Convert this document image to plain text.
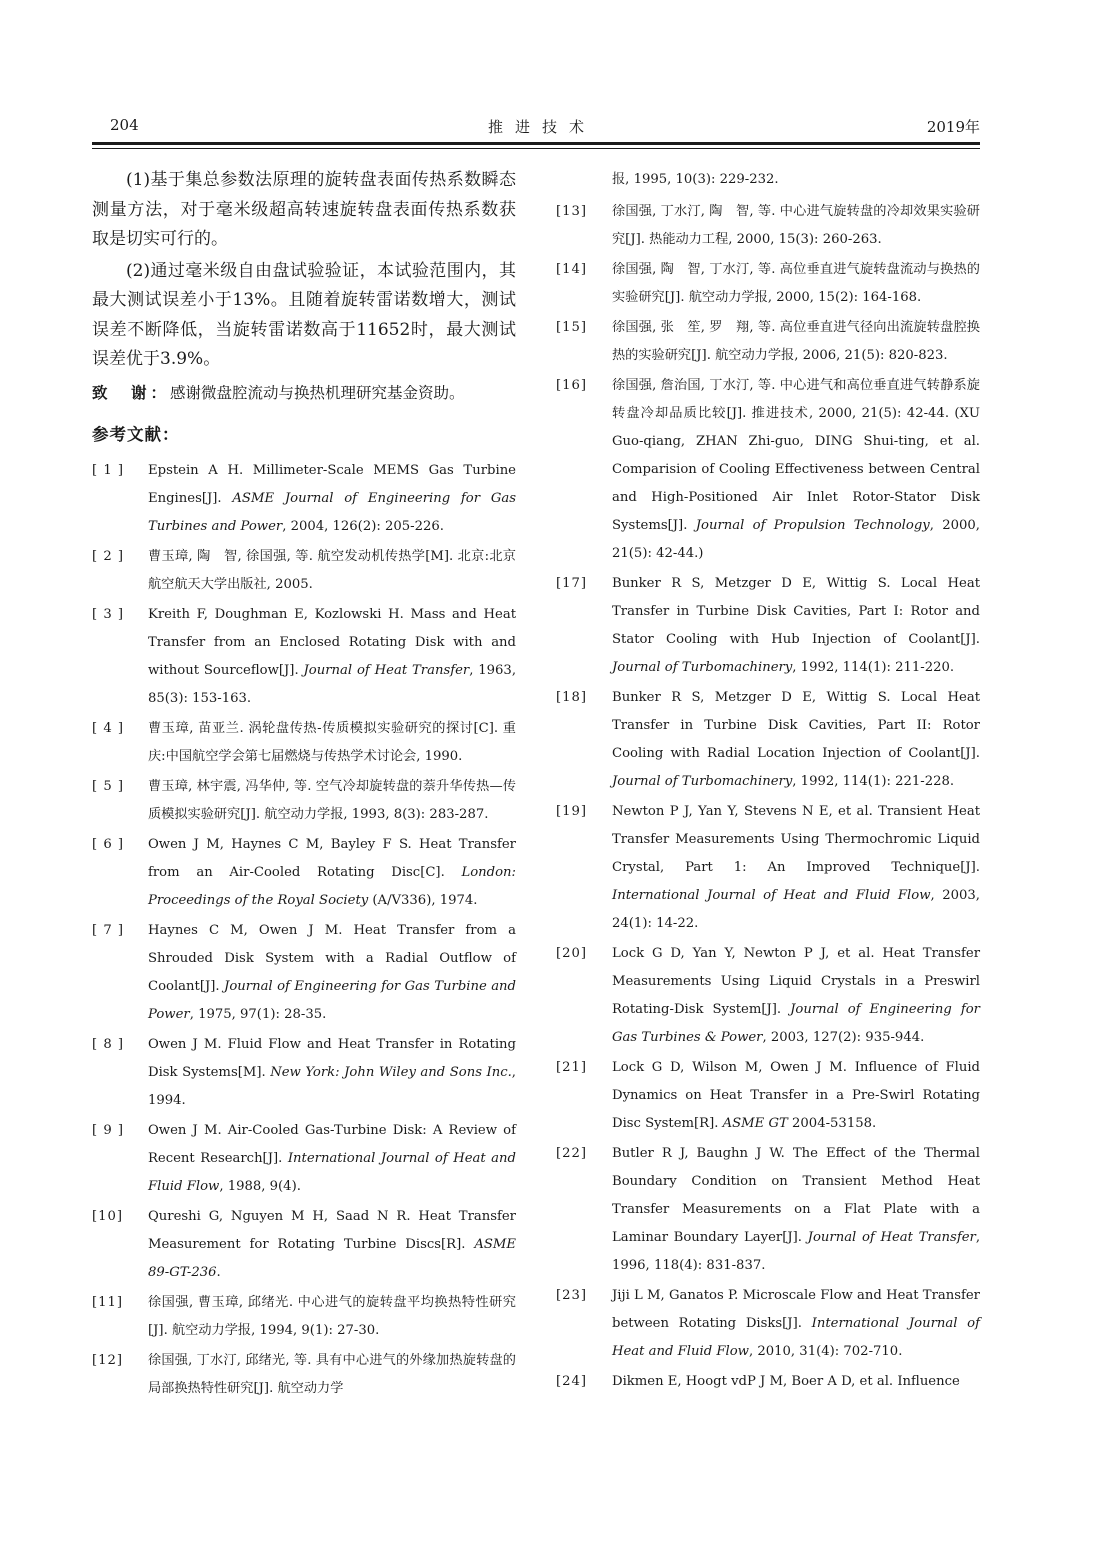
204	推进技术	2019年

(1)基于集总参数法原理的旋转盘表面传热系数瞬态测量方法，对于毫米级超高转速旋转盘表面传热系数获取是切实可行的。

(2)通过毫米级自由盘试验验证，本试验范围内，其最大测试误差小于13%。且随着旋转雷诺数增大，测试误差不断降低，当旋转雷诺数高于11652时，最大测试误差优于3.9%。

致　谢：感谢微盘腔流动与换热机理研究基金资助。

参考文献：
[ 1 ]	Epstein A H. Millimeter-Scale MEMS Gas Turbine Engines[J]. ASME Journal of Engineering for Gas Turbines and Power, 2004, 126(2): 205-226.
[ 2 ]	曹玉璋, 陶　智, 徐国强, 等. 航空发动机传热学[M]. 北京:北京航空航天大学出版社, 2005.
[ 3 ]	Kreith F, Doughman E, Kozlowski H. Mass and Heat Transfer from an Enclosed Rotating Disk with and without Sourceflow[J]. Journal of Heat Transfer, 1963, 85(3): 153-163.
[ 4 ]	曹玉璋, 苗亚兰. 涡轮盘传热-传质模拟实验研究的探讨[C]. 重庆:中国航空学会第七届燃烧与传热学术讨论会, 1990.
[ 5 ]	曹玉璋, 林宇震, 冯华仲, 等. 空气冷却旋转盘的萘升华传热—传质模拟实验研究[J]. 航空动力学报, 1993, 8(3): 283-287.
[ 6 ]	Owen J M, Haynes C M, Bayley F S. Heat Transfer from an Air-Cooled Rotating Disc[C]. London: Proceedings of the Royal Society (A/V336), 1974.
[ 7 ]	Haynes C M, Owen J M. Heat Transfer from a Shrouded Disk System with a Radial Outflow of Coolant[J]. Journal of Engineering for Gas Turbine and Power, 1975, 97(1): 28-35.
[ 8 ]	Owen J M. Fluid Flow and Heat Transfer in Rotating Disk Systems[M]. New York: John Wiley and Sons Inc., 1994.
[ 9 ]	Owen J M. Air-Cooled Gas-Turbine Disk: A Review of Recent Research[J]. International Journal of Heat and Fluid Flow, 1988, 9(4).
[10]	Qureshi G, Nguyen M H, Saad N R. Heat Transfer Measurement for Rotating Turbine Discs[R]. ASME 89-GT-236.
[11]	徐国强, 曹玉璋, 邱绪光. 中心进气的旋转盘平均换热特性研究[J]. 航空动力学报, 1994, 9(1): 27-30.
[12]	徐国强, 丁水汀, 邱绪光, 等. 具有中心进气的外缘加热旋转盘的局部换热特性研究[J]. 航空动力学
报, 1995, 10(3): 229-232.
[13]	徐国强, 丁水汀, 陶　智, 等. 中心进气旋转盘的冷却效果实验研究[J]. 热能动力工程, 2000, 15(3): 260-263.
[14]	徐国强, 陶　智, 丁水汀, 等. 高位垂直进气旋转盘流动与换热的实验研究[J]. 航空动力学报, 2000, 15(2): 164-168.
[15]	徐国强, 张　笙, 罗　翔, 等. 高位垂直进气径向出流旋转盘腔换热的实验研究[J]. 航空动力学报, 2006, 21(5): 820-823.
[16]	徐国强, 詹治国, 丁水汀, 等. 中心进气和高位垂直进气转静系旋转盘冷却品质比较[J]. 推进技术, 2000, 21(5): 42-44. (XU Guo-qiang, ZHAN Zhi-guo, DING Shui-ting, et al. Comparision of Cooling Effectiveness between Central and High-Positioned Air Inlet Rotor-Stator Disk Systems[J]. Journal of Propulsion Technology, 2000, 21(5): 42-44.)
[17]	Bunker R S, Metzger D E, Wittig S. Local Heat Transfer in Turbine Disk Cavities, Part I: Rotor and Stator Cooling with Hub Injection of Coolant[J]. Journal of Turbomachinery, 1992, 114(1): 211-220.
[18]	Bunker R S, Metzger D E, Wittig S. Local Heat Transfer in Turbine Disk Cavities, Part II: Rotor Cooling with Radial Location Injection of Coolant[J]. Journal of Turbomachinery, 1992, 114(1): 221-228.
[19]	Newton P J, Yan Y, Stevens N E, et al. Transient Heat Transfer Measurements Using Thermochromic Liquid Crystal, Part 1: An Improved Technique[J]. International Journal of Heat and Fluid Flow, 2003, 24(1): 14-22.
[20]	Lock G D, Yan Y, Newton P J, et al. Heat Transfer Measurements Using Liquid Crystals in a Preswirl Rotating-Disk System[J]. Journal of Engineering for Gas Turbines & Power, 2003, 127(2): 935-944.
[21]	Lock G D, Wilson M, Owen J M. Influence of Fluid Dynamics on Heat Transfer in a Pre-Swirl Rotating Disc System[R]. ASME GT 2004-53158.
[22]	Butler R J, Baughn J W. The Effect of the Thermal Boundary Condition on Transient Method Heat Transfer Measurements on a Flat Plate with a Laminar Boundary Layer[J]. Journal of Heat Transfer, 1996, 118(4): 831-837.
[23]	Jiji L M, Ganatos P. Microscale Flow and Heat Transfer between Rotating Disks[J]. International Journal of Heat and Fluid Flow, 2010, 31(4): 702-710.
[24]	Dikmen E, Hoogt vdP J M, Boer A D, et al. Influence
